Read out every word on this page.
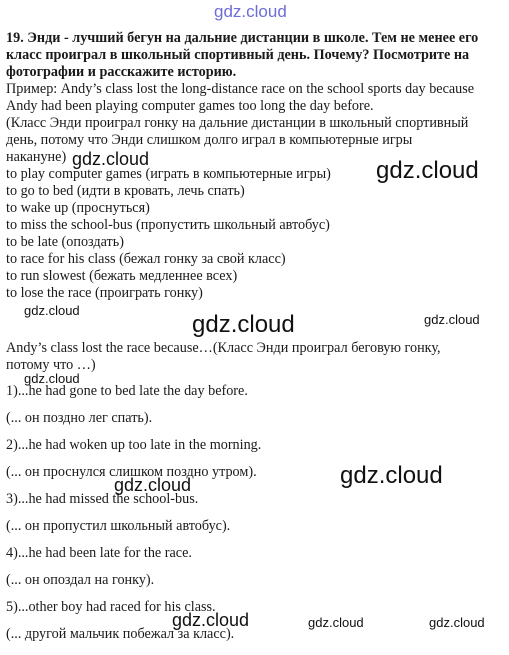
gdz.cloud
gdz.cloud	gdz.cloud
gdz.cloud
gdz.cloud	gdz.cloud
gdz.cloud
gdz.cloud
gdz.cloud
gdz.cloud	gdz.cloud	gdz.cloud
19. Энди - лучший бегун на дальние дистанции в школе. Тем не менее его
класс проиграл в школьный спортивный день. Почему? Посмотрите на
фотографии и расскажите историю.
Пример: Andy’s class lost the long-distance race on the school sports day because
Andy had been playing computer games too long the day before.
(Класс Энди проиграл гонку на дальние дистанции в школьный спортивный
день, потому что Энди слишком долго играл в компьютерные игры
накануне)
to play computer games (играть в компьютерные игры)
to go to bed (идти в кровать, лечь спать)
to wake up (проснуться)
to miss the school-bus (пропустить школьный автобус)
to be late (опоздать)
to race for his class (бежал гонку за свой класс)
to run slowest (бежать медленнее всех)
to lose the race (проиграть гонку)
Andy’s class lost the race because…(Класс Энди проиграл беговую гонку,
потому что …)
1)...he had gone to bed late the day before.
(... он поздно лег спать).
2)...he had woken up too late in the morning.
(... он проснулся слишком поздно утром).
3)...he had missed the school-bus.
(... он пропустил школьный автобус).
4)...he had been late for the race.
(... он опоздал на гонку).
5)...other boy had raced for his class.
(... другой мальчик побежал за класс).
